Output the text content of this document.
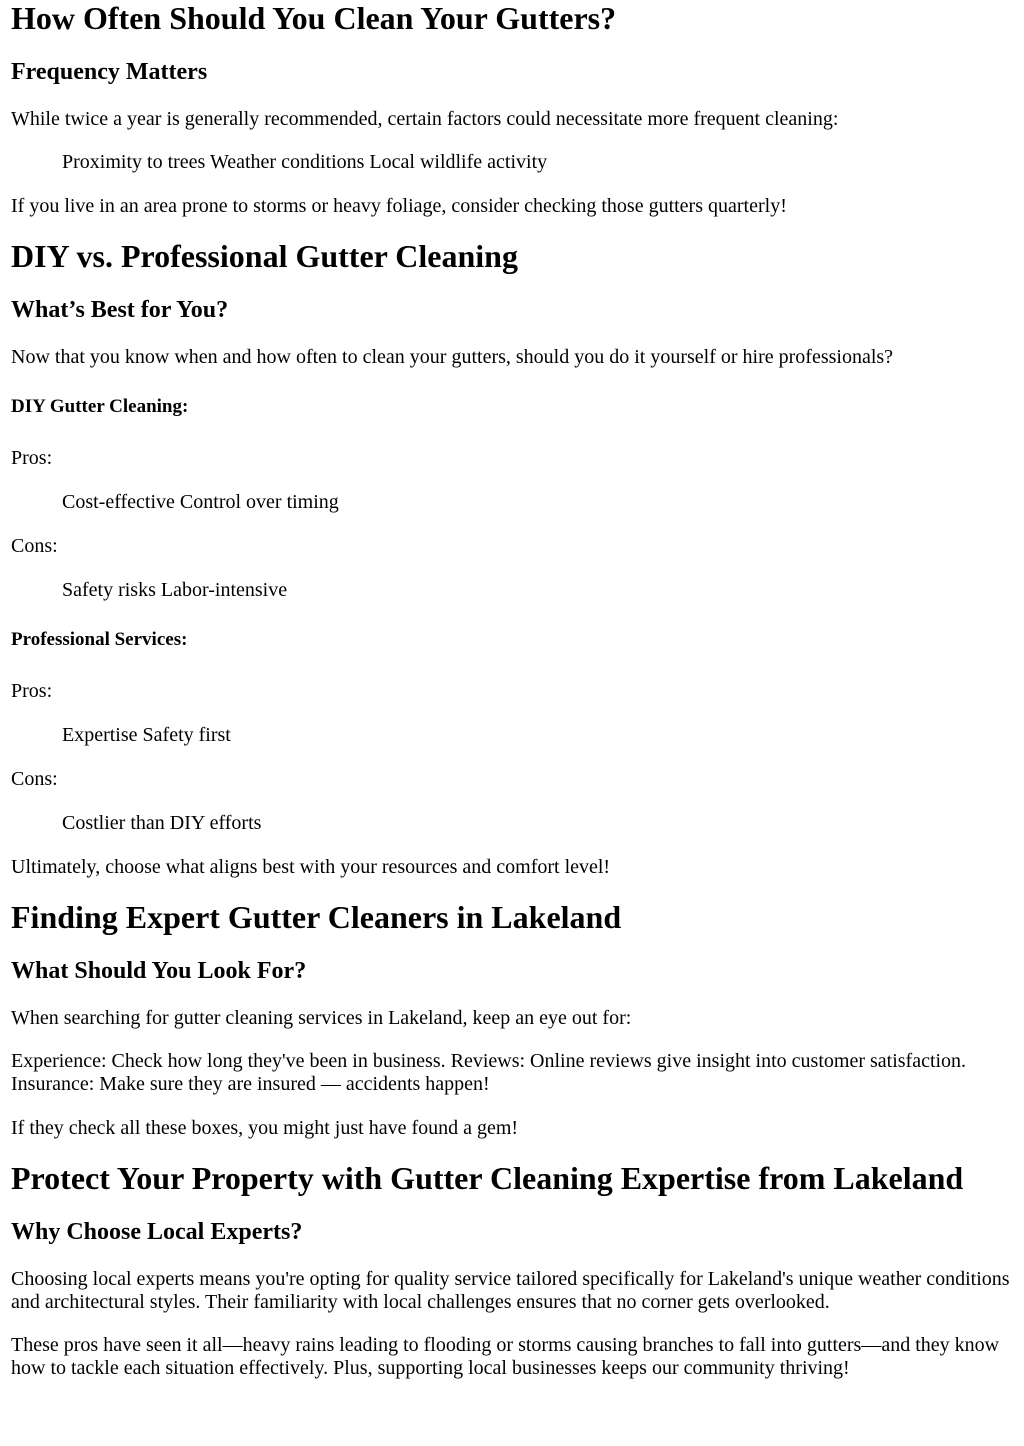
How Often Should You Clean Your Gutters?
Frequency Matters

While twice a year is generally recommended, certain factors could necessitate more frequent cleaning:

Proximity to trees Weather conditions Local wildlife activity

If you live in an area prone to storms or heavy foliage, consider checking those gutters quarterly!

DIY vs. Professional Gutter Cleaning
What’s Best for You?

Now that you know when and how often to clean your gutters, should you do it yourself or hire professionals?

DIY Gutter Cleaning:

Pros:

Cost-effective Control over timing

Cons:

Safety risks Labor-intensive

Professional Services:

Pros:

Expertise Safety first

Cons:

Costlier than DIY efforts

Ultimately, choose what aligns best with your resources and comfort level!

Finding Expert Gutter Cleaners in Lakeland
What Should You Look For?

When searching for gutter cleaning services in Lakeland, keep an eye out for:

Experience: Check how long they've been in business. Reviews: Online reviews give insight into customer satisfaction. Insurance: Make sure they are insured — accidents happen!

If they check all these boxes, you might just have found a gem!

Protect Your Property with Gutter Cleaning Expertise from Lakeland
Why Choose Local Experts?

Choosing local experts means you're opting for quality service tailored specifically for Lakeland's unique weather conditions and architectural styles. Their familiarity with local challenges ensures that no corner gets overlooked.

These pros have seen it all—heavy rains leading to flooding or storms causing branches to fall into gutters—and they know how to tackle each situation effectively. Plus, supporting local businesses keeps our community thriving!
